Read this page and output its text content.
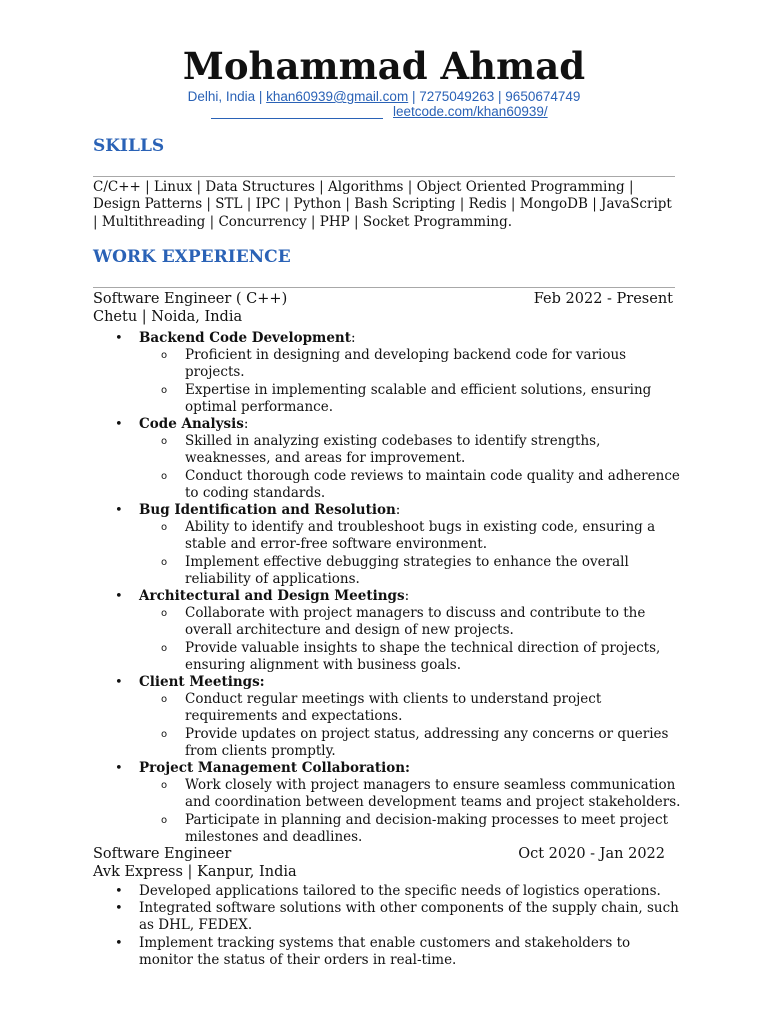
Mohammad Ahmad
Delhi, India | khan60939@gmail.com | 7275049263 | 9650674749
leetcode.com/khan60939/
SKILLS
C/C++ | Linux | Data Structures | Algorithms | Object Oriented Programming | Design Patterns | STL | IPC | Python | Bash Scripting | Redis | MongoDB | JavaScript | Multithreading | Concurrency | PHP | Socket Programming.
WORK EXPERIENCE
Software Engineer ( C++)	Feb 2022 - Present
Chetu | Noida, India
• Backend Code Development:
o Proficient in designing and developing backend code for various projects.
o Expertise in implementing scalable and efficient solutions, ensuring optimal performance.
• Code Analysis:
o Skilled in analyzing existing codebases to identify strengths, weaknesses, and areas for improvement.
o Conduct thorough code reviews to maintain code quality and adherence to coding standards.
• Bug Identification and Resolution:
o Ability to identify and troubleshoot bugs in existing code, ensuring a stable and error-free software environment.
o Implement effective debugging strategies to enhance the overall reliability of applications.
• Architectural and Design Meetings:
o Collaborate with project managers to discuss and contribute to the overall architecture and design of new projects.
o Provide valuable insights to shape the technical direction of projects, ensuring alignment with business goals.
• Client Meetings:
o Conduct regular meetings with clients to understand project requirements and expectations.
o Provide updates on project status, addressing any concerns or queries from clients promptly.
• Project Management Collaboration:
o Work closely with project managers to ensure seamless communication and coordination between development teams and project stakeholders.
o Participate in planning and decision-making processes to meet project milestones and deadlines.
Software Engineer	Oct 2020 - Jan 2022
Avk Express | Kanpur, India
• Developed applications tailored to the specific needs of logistics operations.
• Integrated software solutions with other components of the supply chain, such as DHL, FEDEX.
• Implement tracking systems that enable customers and stakeholders to monitor the status of their orders in real-time.
